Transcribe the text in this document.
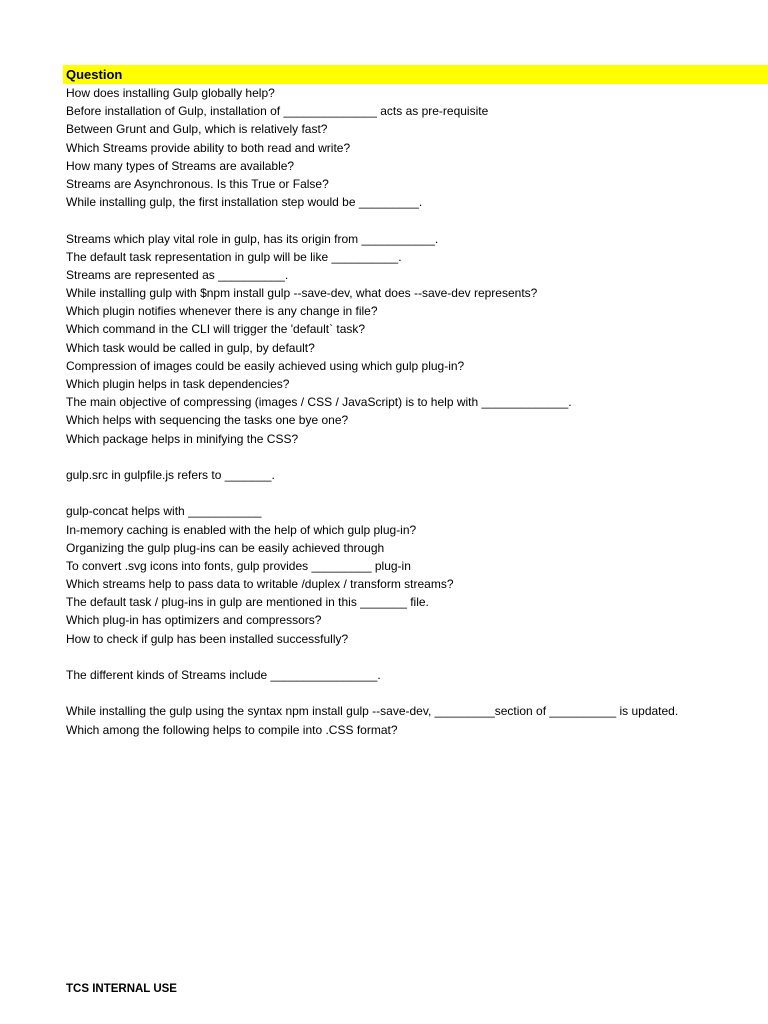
Question
How does installing Gulp globally help?
Before installation of Gulp, installation of ______________ acts as pre-requisite
Between Grunt and Gulp, which is relatively fast?
Which Streams provide ability to both read and write?
How many types of Streams are available?
Streams are Asynchronous. Is this True or False?
While installing gulp, the first installation step would be _________.
Streams which play vital role in gulp, has its origin from ___________.
The default task representation in gulp will be like __________.
Streams are represented as __________.
While installing gulp with $npm install gulp --save-dev, what does --save-dev represents?
Which plugin notifies whenever there is any change in file?
Which command in the CLI will trigger the 'default` task?
Which task would be called in gulp, by default?
Compression of images could be easily achieved using which gulp plug-in?
Which plugin helps in task dependencies?
The main objective of compressing (images / CSS / JavaScript) is to help with _____________.
Which helps with sequencing the tasks one bye one?
Which package helps in minifying the CSS?
gulp.src in gulpfile.js refers to _______.
gulp-concat helps with ___________
In-memory caching is enabled with the help of which gulp plug-in?
Organizing the gulp plug-ins can be easily achieved through
To convert .svg icons into fonts, gulp provides _________ plug-in
Which streams help to pass data to writable /duplex / transform streams?
The default task / plug-ins in gulp are mentioned in this _______ file.
Which plug-in has optimizers and compressors?
How to check if gulp has been installed successfully?
The different kinds of Streams include ________________.
While installing the gulp using the syntax npm install gulp --save-dev, _________section of __________ is updated.
Which among the following helps to compile into .CSS format?
TCS INTERNAL USE
